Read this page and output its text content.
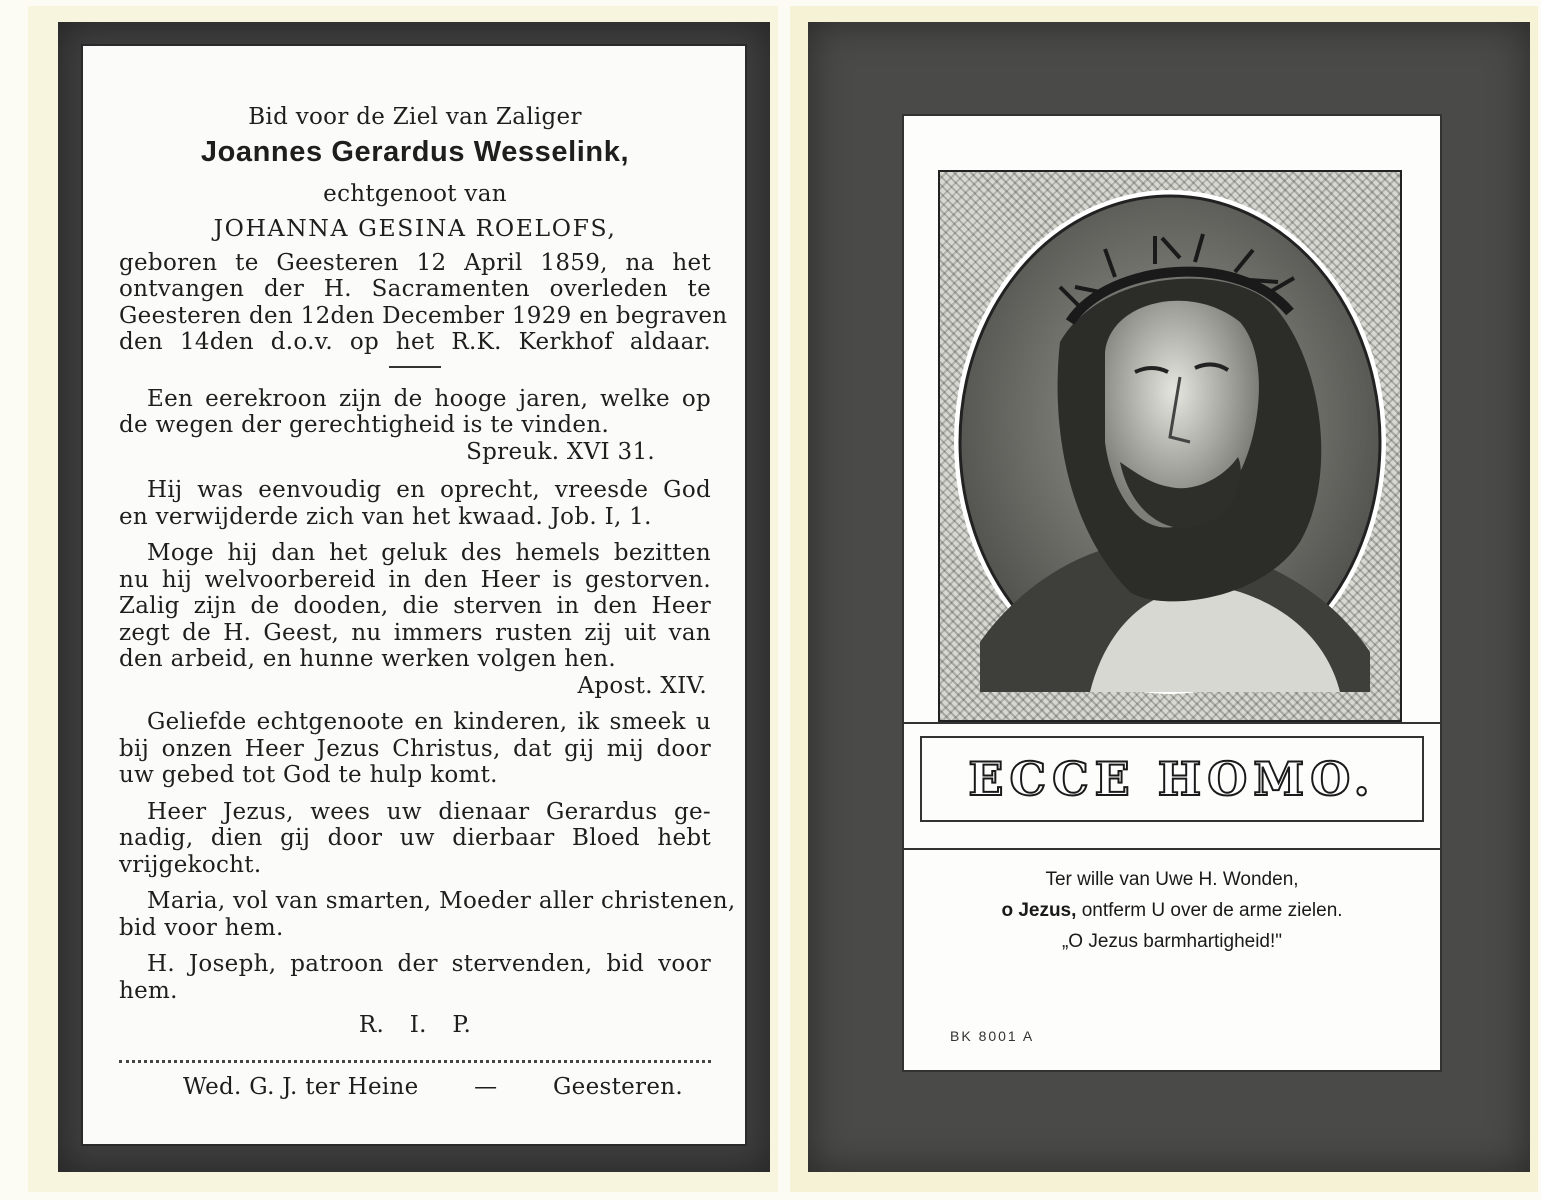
Bid voor de Ziel van Zaliger
Joannes Gerardus Wesselink,
echtgenoot van
JOHANNA GESINA ROELOFS,
geboren te Geesteren 12 April 1859, na het
ontvangen der H. Sacramenten overleden te
Geesteren den 12den December 1929 en begraven
den 14den d.o.v. op het R.K. Kerkhof aldaar.
Een eerekroon zijn de hooge jaren, welke op
de wegen der gerechtigheid is te vinden.
Spreuk. XVI 31.
Hij was eenvoudig en oprecht, vreesde God
en verwijderde zich van het kwaad. Job. I, 1.
Moge hij dan het geluk des hemels bezitten
nu hij welvoorbereid in den Heer is gestorven.
Zalig zijn de dooden, die sterven in den Heer
zegt de H. Geest, nu immers rusten zij uit van
den arbeid, en hunne werken volgen hen.
Apost. XIV.
Geliefde echtgenoote en kinderen, ik smeek u
bij onzen Heer Jezus Christus, dat gij mij door
uw gebed tot God te hulp komt.
Heer Jezus, wees uw dienaar Gerardus ge-
nadig, dien gij door uw dierbaar Bloed hebt
vrijgekocht.
Maria, vol van smarten, Moeder aller christenen,
bid voor hem.
H. Joseph, patroon der stervenden, bid voor
hem.
R. I. P.
Wed. G. J. ter Heine — Geesteren.
ECCE HOMO.
Ter wille van Uwe H. Wonden,
o Jezus, ontferm U over de arme zielen.
„O Jezus barmhartigheid!"
BK 8001 A
